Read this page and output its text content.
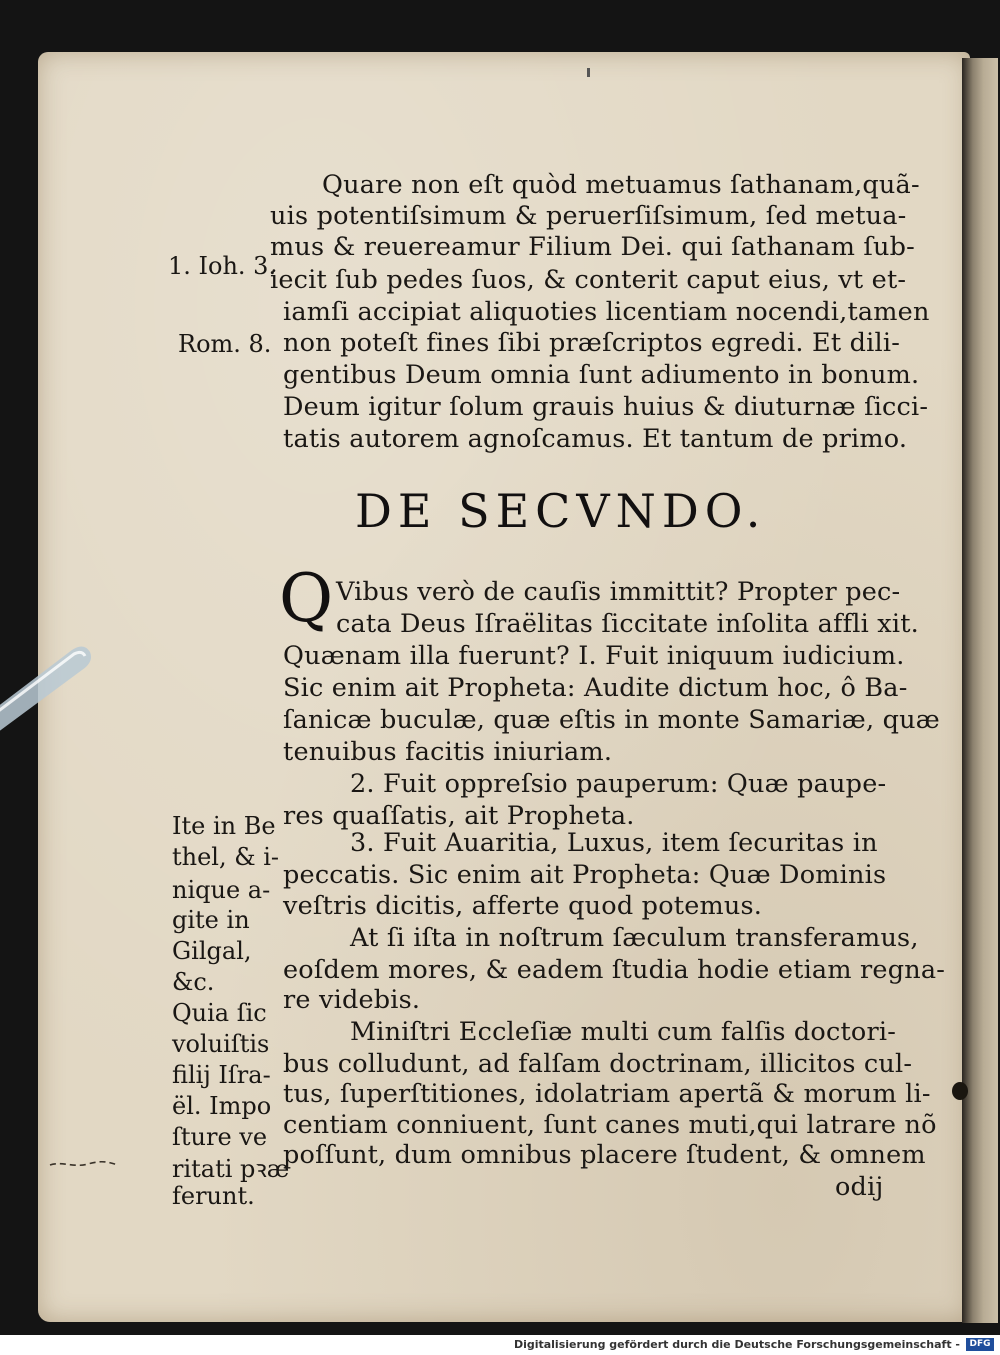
Quare non eſt quòd metuamus ſathanam,quã‑
uis potentiſsimum & peruerſiſsimum, ſed metua‑
mus & reuereamur Filium Dei. qui ſathanam ſub‑
iecit ſub pedes ſuos, & conterit caput eius, vt et‑
iamſi accipiat aliquoties licentiam nocendi,tamen
non poteſt fines ſibi præſcriptos egredi. Et dili‑
gentibus Deum omnia ſunt adiumento in bonum.
Deum igitur ſolum grauis huius & diuturnæ ſicci‑
tatis autorem agnoſcamus. Et tantum de primo.
1. Ioh. 3.
Rom. 8.
DE SECVNDO.
Q Vibus verò de cauſis immittit? Propter pec‑
cata Deus Iſraëlitas ſiccitate inſolita affli xit.
Quænam illa fuerunt? I. Fuit iniquum iudicium.
Sic enim ait Propheta: Audite dictum hoc, ô Ba‑
ſanicæ buculæ, quæ eſtis in monte Samariæ, quæ
tenuibus facitis iniuriam.
2. Fuit oppreſsio pauperum: Quæ paupe‑
res quaſſatis, ait Propheta.
3. Fuit Auaritia, Luxus, item ſecuritas in
peccatis. Sic enim ait Propheta: Quæ Dominis
veſtris dicitis, afferte quod potemus.
At ſi iſta in noſtrum ſæculum transferamus,
eoſdem mores, & eadem ſtudia hodie etiam regna‑
re videbis.
Miniſtri Eccleſiæ multi cum falſis doctori‑
bus colludunt, ad falſam doctrinam, illicitos cul‑
tus, ſuperſtitiones, idolatriam apertã & morum li‑
centiam conniuent, ſunt canes muti,qui latrare nõ
poſſunt, dum omnibus placere ſtudent, & omnem
odij
Ite in Be
thel, & i‑
nique a‑
gite in
Gilgal,
&c.
Quia ſic
voluiſtis
filij Iſra‑
ël. Impo
ſture ve
ritati pꝛæ
ferunt.
Digitalisierung gefördert durch die Deutsche Forschungsgemeinschaft -	DFG
